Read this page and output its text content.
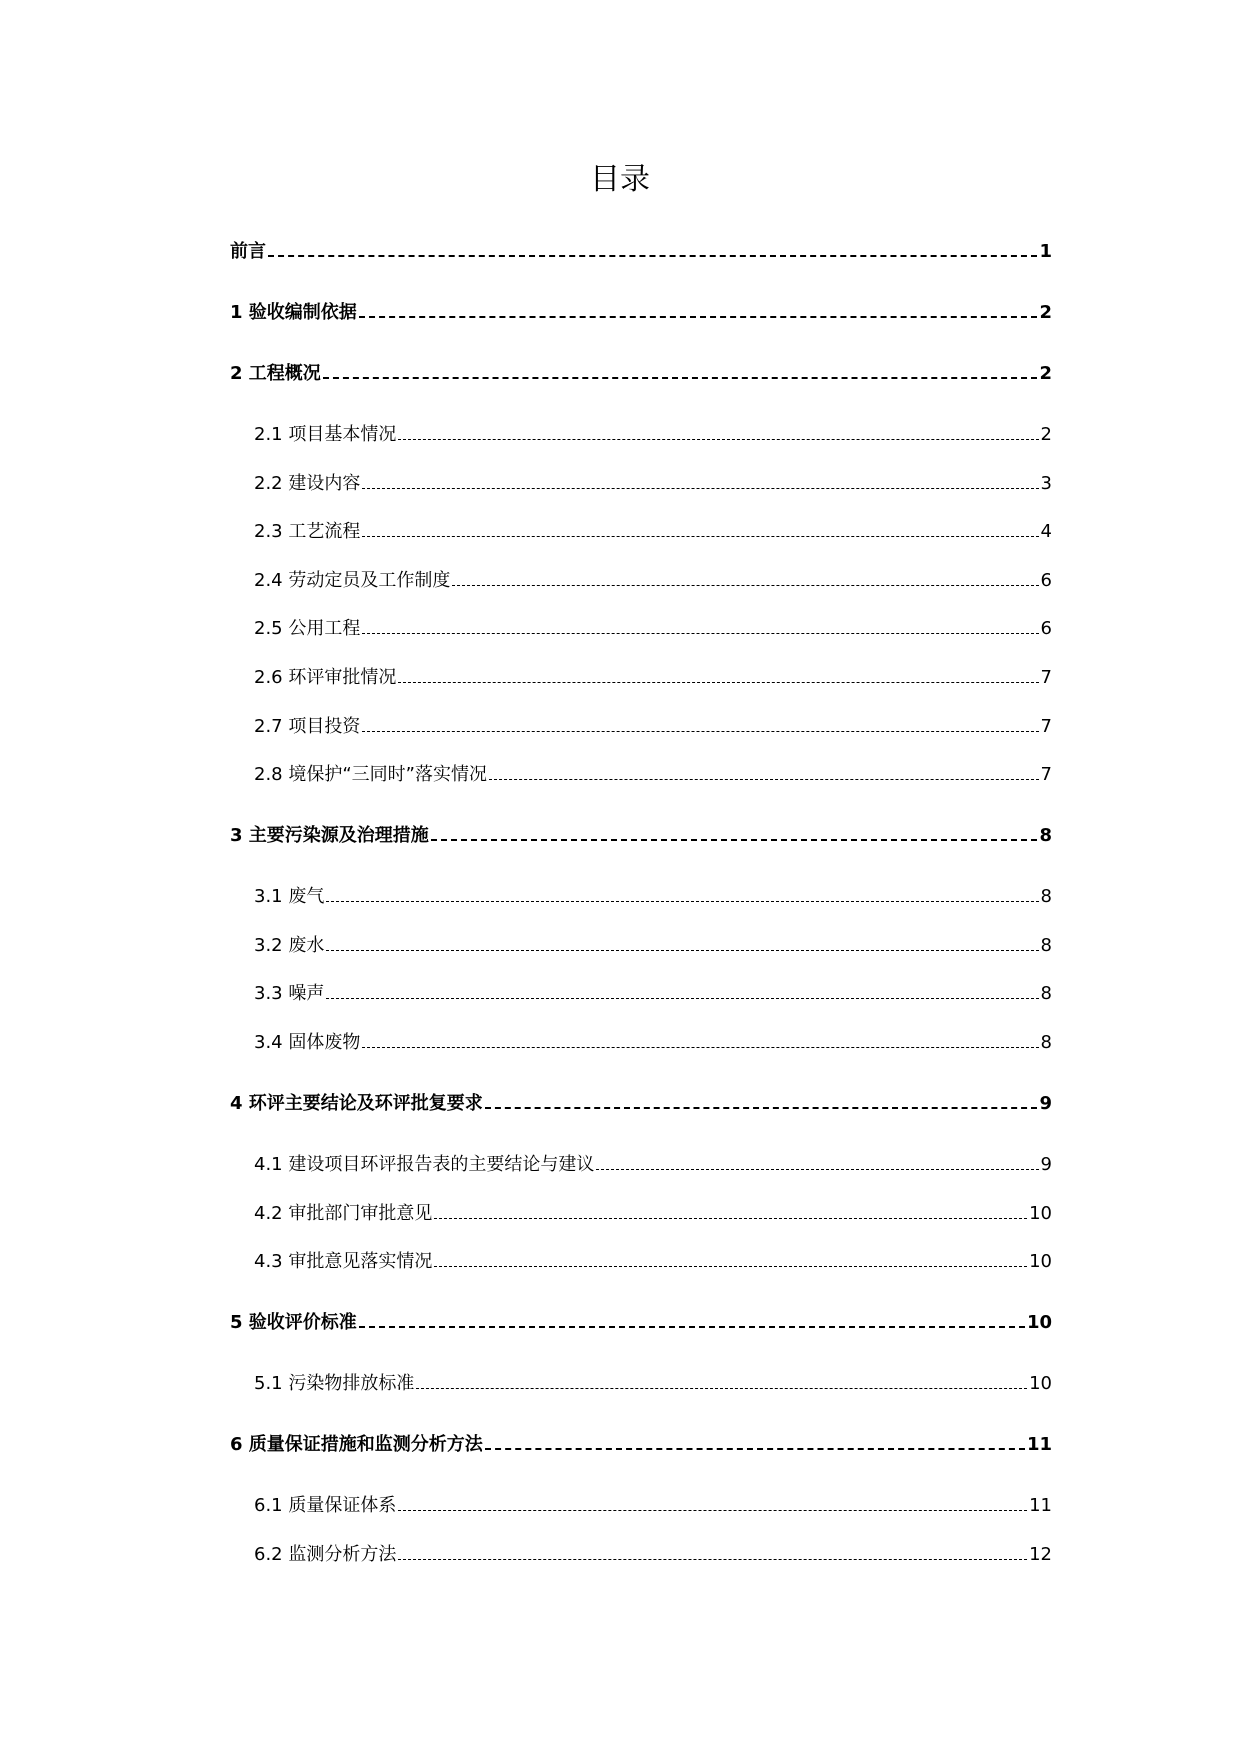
目录
前言	1
1 验收编制依据	2
2 工程概况	2
2.1 项目基本情况	2
2.2 建设内容	3
2.3 工艺流程	4
2.4 劳动定员及工作制度	6
2.5 公用工程	6
2.6 环评审批情况	7
2.7 项目投资	7
2.8 境保护“三同时”落实情况	7
3 主要污染源及治理措施	8
3.1 废气	8
3.2 废水	8
3.3 噪声	8
3.4 固体废物	8
4 环评主要结论及环评批复要求	9
4.1 建设项目环评报告表的主要结论与建议	9
4.2 审批部门审批意见	10
4.3 审批意见落实情况	10
5 验收评价标准	10
5.1 污染物排放标准	10
6 质量保证措施和监测分析方法	11
6.1 质量保证体系	11
6.2 监测分析方法	12
